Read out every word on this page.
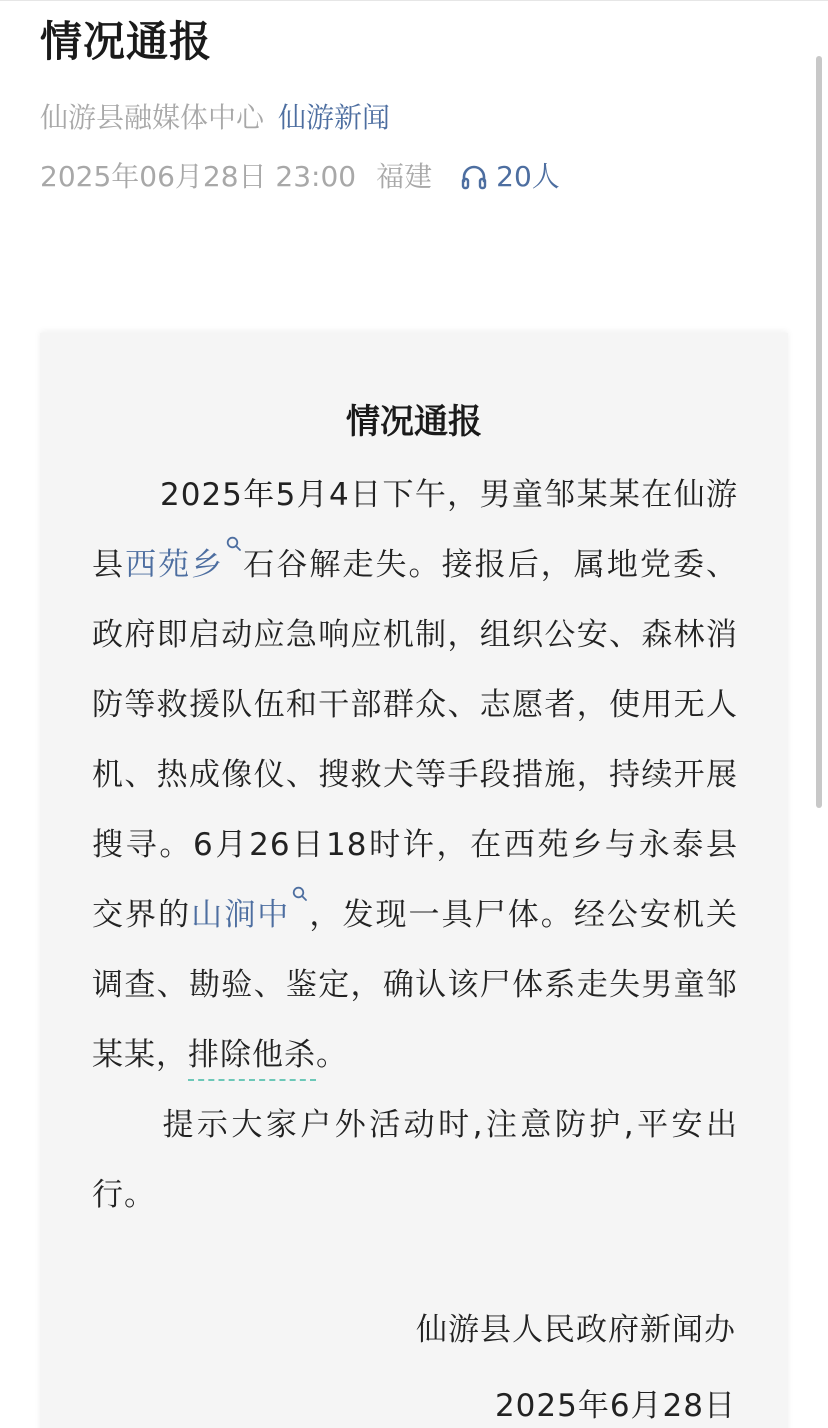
情况通报
仙游县融媒体中心 仙游新闻
2025年06月28日 23:00 福建 20人
情况通报
2025年5月4日下午，男童邹某某在仙游县西苑乡 石谷解走失。接报后，属地党委、政府即启动应急响应机制，组织公安、森林消防等救援队伍和干部群众、志愿者，使用无人机、热成像仪、搜救犬等手段措施，持续开展搜寻。6月26日18时许，在西苑乡与永泰县交界的山涧中 ，发现一具尸体。经公安机关调查、勘验、鉴定，确认该尸体系走失男童邹某某，排除他杀。
提示大家户外活动时,注意防护,平安出行。
仙游县人民政府新闻办
2025年6月28日
